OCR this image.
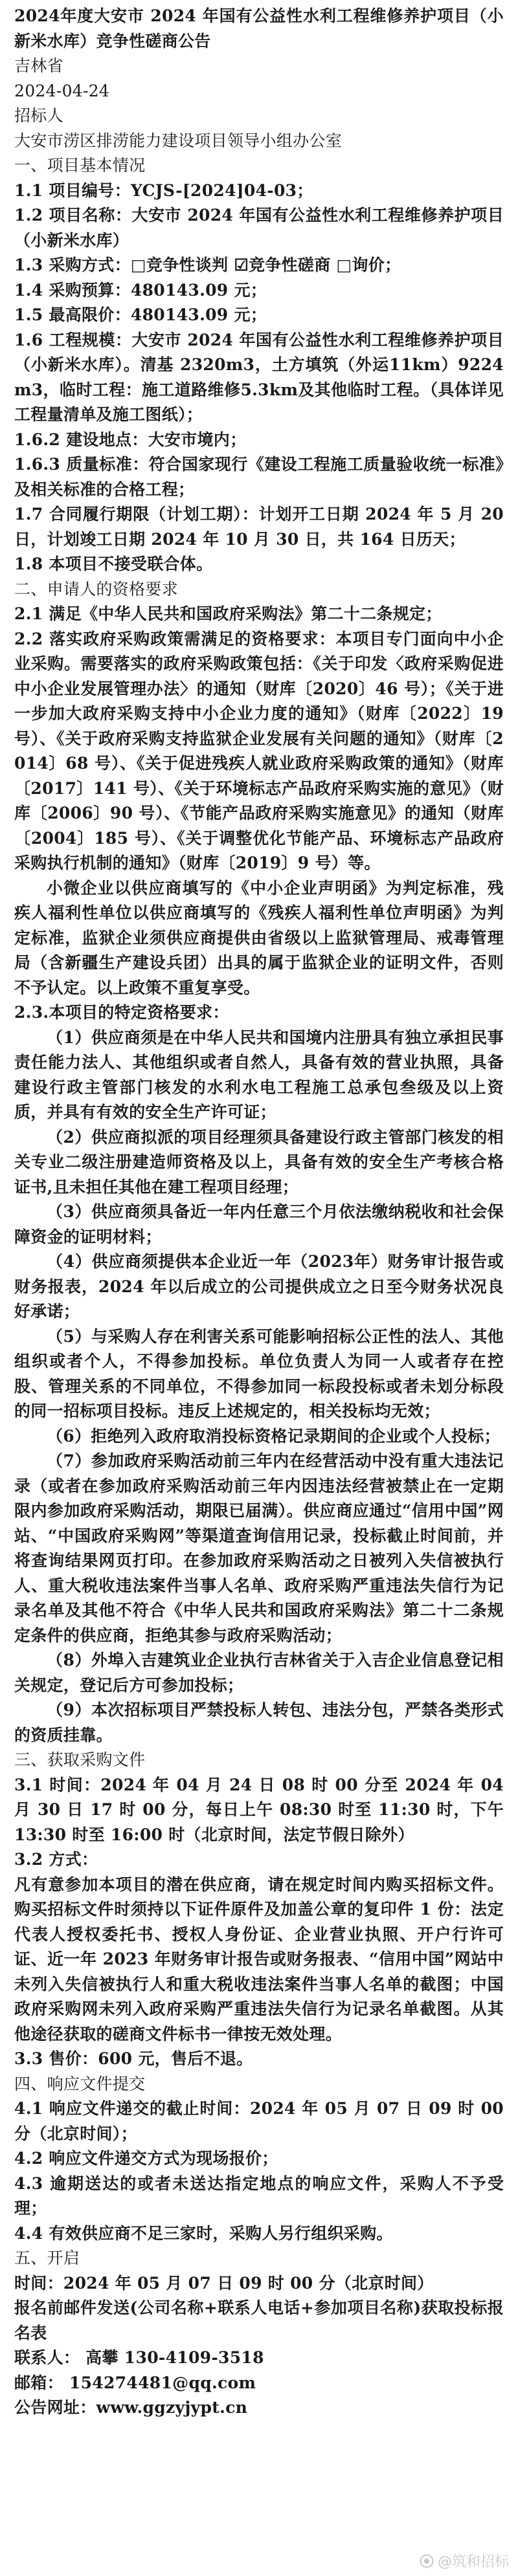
2024年度大安市 2024 年国有公益性水利工程维修养护项目（小新米水库）竞争性磋商公告

吉林省

2024-04-24

招标人

大安市涝区排涝能力建设项目领导小组办公室

一、项目基本情况

1.1 项目编号：YCJS-[2024]04-03；

1.2 项目名称：大安市 2024 年国有公益性水利工程维修养护项目（小新米水库）

1.3 采购方式：□竞争性谈判 ☑竞争性磋商 □询价；

1.4 采购预算：480143.09 元；

1.5 最高限价：480143.09 元；

1.6 工程规模：大安市 2024 年国有公益性水利工程维修养护项目（小新米水库）。清基 2320m3，土方填筑（外运11km）9224m3，临时工程：施工道路维修5.3km及其他临时工程。（具体详见工程量清单及施工图纸）；

1.6.2 建设地点：大安市境内；

1.6.3 质量标准：符合国家现行《建设工程施工质量验收统一标准》及相关标准的合格工程；

1.7 合同履行期限（计划工期）：计划开工日期 2024 年 5 月 20 日，计划竣工日期 2024 年 10 月 30 日，共 164 日历天；

1.8 本项目不接受联合体。

二、申请人的资格要求

2.1 满足《中华人民共和国政府采购法》第二十二条规定；

2.2 落实政府采购政策需满足的资格要求：本项目专门面向中小企业采购。需要落实的政府采购政策包括：《关于印发〈政府采购促进中小企业发展管理办法〉的通知（财库〔2020〕46 号）；《关于进一步加大政府采购支持中小企业力度的通知》（财库〔2022〕19 号）、《关于政府采购支持监狱企业发展有关问题的通知》（财库〔2014〕68 号）、《关于促进残疾人就业政府采购政策的通知》（财库〔2017〕141 号）、《关于环境标志产品政府采购实施的意见》（财库〔2006〕90 号）、《节能产品政府采购实施意见》的通知（财库〔2004〕185 号）、《关于调整优化节能产品、环境标志产品政府采购执行机制的通知》（财库〔2019〕9 号）等。

小微企业以供应商填写的《中小企业声明函》为判定标准，残疾人福利性单位以供应商填写的《残疾人福利性单位声明函》为判定标准，监狱企业须供应商提供由省级以上监狱管理局、戒毒管理局（含新疆生产建设兵团）出具的属于监狱企业的证明文件，否则不予认定。以上政策不重复享受。

2.3.本项目的特定资格要求：

（1）供应商须是在中华人民共和国境内注册具有独立承担民事责任能力法人、其他组织或者自然人，具备有效的营业执照，具备建设行政主管部门核发的水利水电工程施工总承包叁级及以上资质，并具有有效的安全生产许可证；

（2）供应商拟派的项目经理须具备建设行政主管部门核发的相关专业二级注册建造师资格及以上，具备有效的安全生产考核合格证书,且未担任其他在建工程项目经理；

（3）供应商须具备近一年内任意三个月依法缴纳税收和社会保障资金的证明材料；

（4）供应商须提供本企业近一年（2023年）财务审计报告或财务报表，2024 年以后成立的公司提供成立之日至今财务状况良好承诺；

（5）与采购人存在利害关系可能影响招标公正性的法人、其他组织或者个人，不得参加投标。单位负责人为同一人或者存在控股、管理关系的不同单位，不得参加同一标段投标或者未划分标段的同一招标项目投标。违反上述规定的，相关投标均无效；

（6）拒绝列入政府取消投标资格记录期间的企业或个人投标；

（7）参加政府采购活动前三年内在经营活动中没有重大违法记录（或者在参加政府采购活动前三年内因违法经营被禁止在一定期限内参加政府采购活动，期限已届满）。供应商应通过“信用中国”网站、“中国政府采购网”等渠道查询信用记录，投标截止时间前，并将查询结果网页打印。在参加政府采购活动之日被列入失信被执行人、重大税收违法案件当事人名单、政府采购严重违法失信行为记录名单及其他不符合《中华人民共和国政府采购法》第二十二条规定条件的供应商，拒绝其参与政府采购活动；

（8）外埠入吉建筑业企业执行吉林省关于入吉企业信息登记相关规定，登记后方可参加投标；

（9）本次招标项目严禁投标人转包、违法分包，严禁各类形式的资质挂靠。

三、获取采购文件

3.1 时间：2024 年 04 月 24 日 08 时 00 分至 2024 年 04 月 30 日 17 时 00 分，每日上午 08:30 时至 11:30 时，下午 13:30 时至 16:00 时（北京时间，法定节假日除外）

3.2 方式：

凡有意参加本项目的潜在供应商，请在规定时间内购买招标文件。购买招标文件时须持以下证件原件及加盖公章的复印件 1 份：法定代表人授权委托书、授权人身份证、企业营业执照、开户行许可证、近一年 2023 年财务审计报告或财务报表、“信用中国”网站中未列入失信被执行人和重大税收违法案件当事人名单的截图；中国政府采购网未列入政府采购严重违法失信行为记录名单截图。从其他途径获取的磋商文件标书一律按无效处理。

3.3 售价：600 元，售后不退。

四、响应文件提交

4.1 响应文件递交的截止时间：2024 年 05 月 07 日 09 时 00 分（北京时间）；

4.2 响应文件递交方式为现场报价；

4.3 逾期送达的或者未送达指定地点的响应文件，采购人不予受理；

4.4 有效供应商不足三家时，采购人另行组织采购。

五、开启

时间：2024 年 05 月 07 日 09 时 00 分（北京时间）

报名前邮件发送(公司名称+联系人电话+参加项目名称)获取投标报名表

联系人： 高攀 130-4109-3518

邮箱： 154274481@qq.com

公告网址：www.ggzyjypt.cn

@筑和招标
